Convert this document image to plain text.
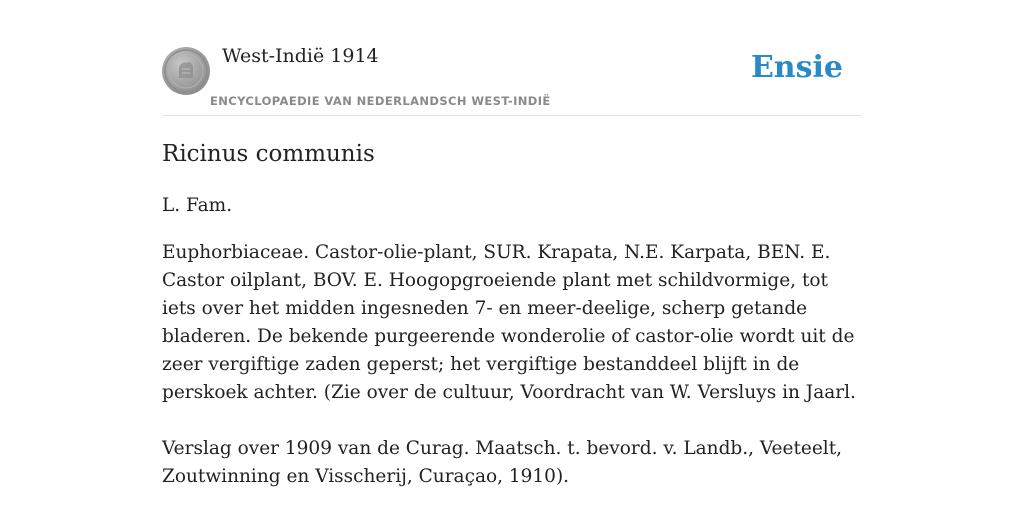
West-Indië 1914
ENCYCLOPAEDIE VAN NEDERLANDSCH WEST-INDIË
Ensie
Ricinus communis

L. Fam.

Euphorbiaceae. Castor-olie-plant, SUR. Krapata, N.E. Karpata, BEN. E. Castor oilplant, BOV. E. Hoogopgroeiende plant met schildvormige, tot iets over het midden ingesneden 7- en meer-deelige, scherp getande bladeren. De bekende purgeerende wonderolie of castor-olie wordt uit de zeer vergiftige zaden geperst; het vergiftige bestanddeel blijft in de perskoek achter. (Zie over de cultuur, Voordracht van W. Versluys in Jaarl.

Verslag over 1909 van de Curag. Maatsch. t. bevord. v. Landb., Veeteelt, Zoutwinning en Visscherij, Curaçao, 1910).
